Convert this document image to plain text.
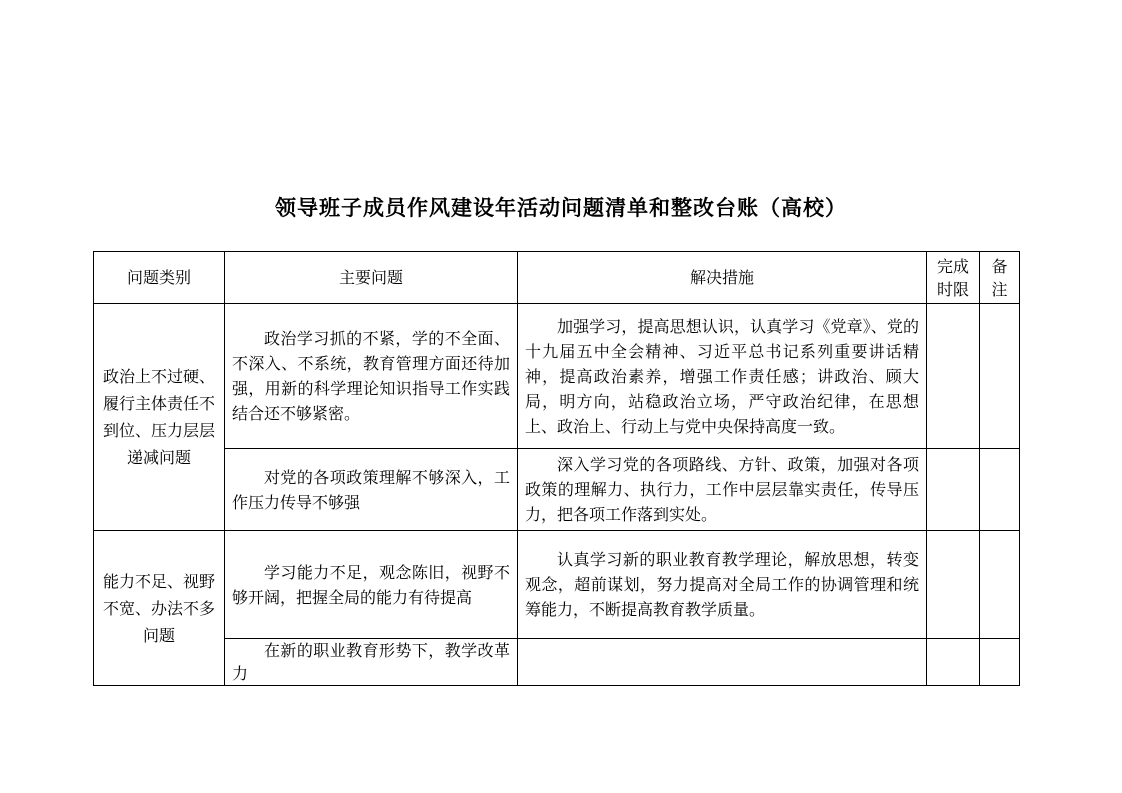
领导班子成员作风建设年活动问题清单和整改台账（高校）
问题类别	主要问题	解决措施	完成时限	备注
政治上不过硬、履行主体责任不到位、压力层层递减问题	政治学习抓的不紧，学的不全面、不深入、不系统，教育管理方面还待加强，用新的科学理论知识指导工作实践结合还不够紧密。	加强学习，提高思想认识，认真学习《党章》、党的十九届五中全会精神、习近平总书记系列重要讲话精神，提高政治素养，增强工作责任感；讲政治、顾大局，明方向，站稳政治立场，严守政治纪律，在思想上、政治上、行动上与党中央保持高度一致。		
	对党的各项政策理解不够深入，工作压力传导不够强	深入学习党的各项路线、方针、政策，加强对各项政策的理解力、执行力，工作中层层靠实责任，传导压力，把各项工作落到实处。		
能力不足、视野不宽、办法不多问题	学习能力不足，观念陈旧，视野不够开阔，把握全局的能力有待提高	认真学习新的职业教育教学理论，解放思想，转变观念，超前谋划，努力提高对全局工作的协调管理和统筹能力，不断提高教育教学质量。		
	在新的职业教育形势下，教学改革力			
